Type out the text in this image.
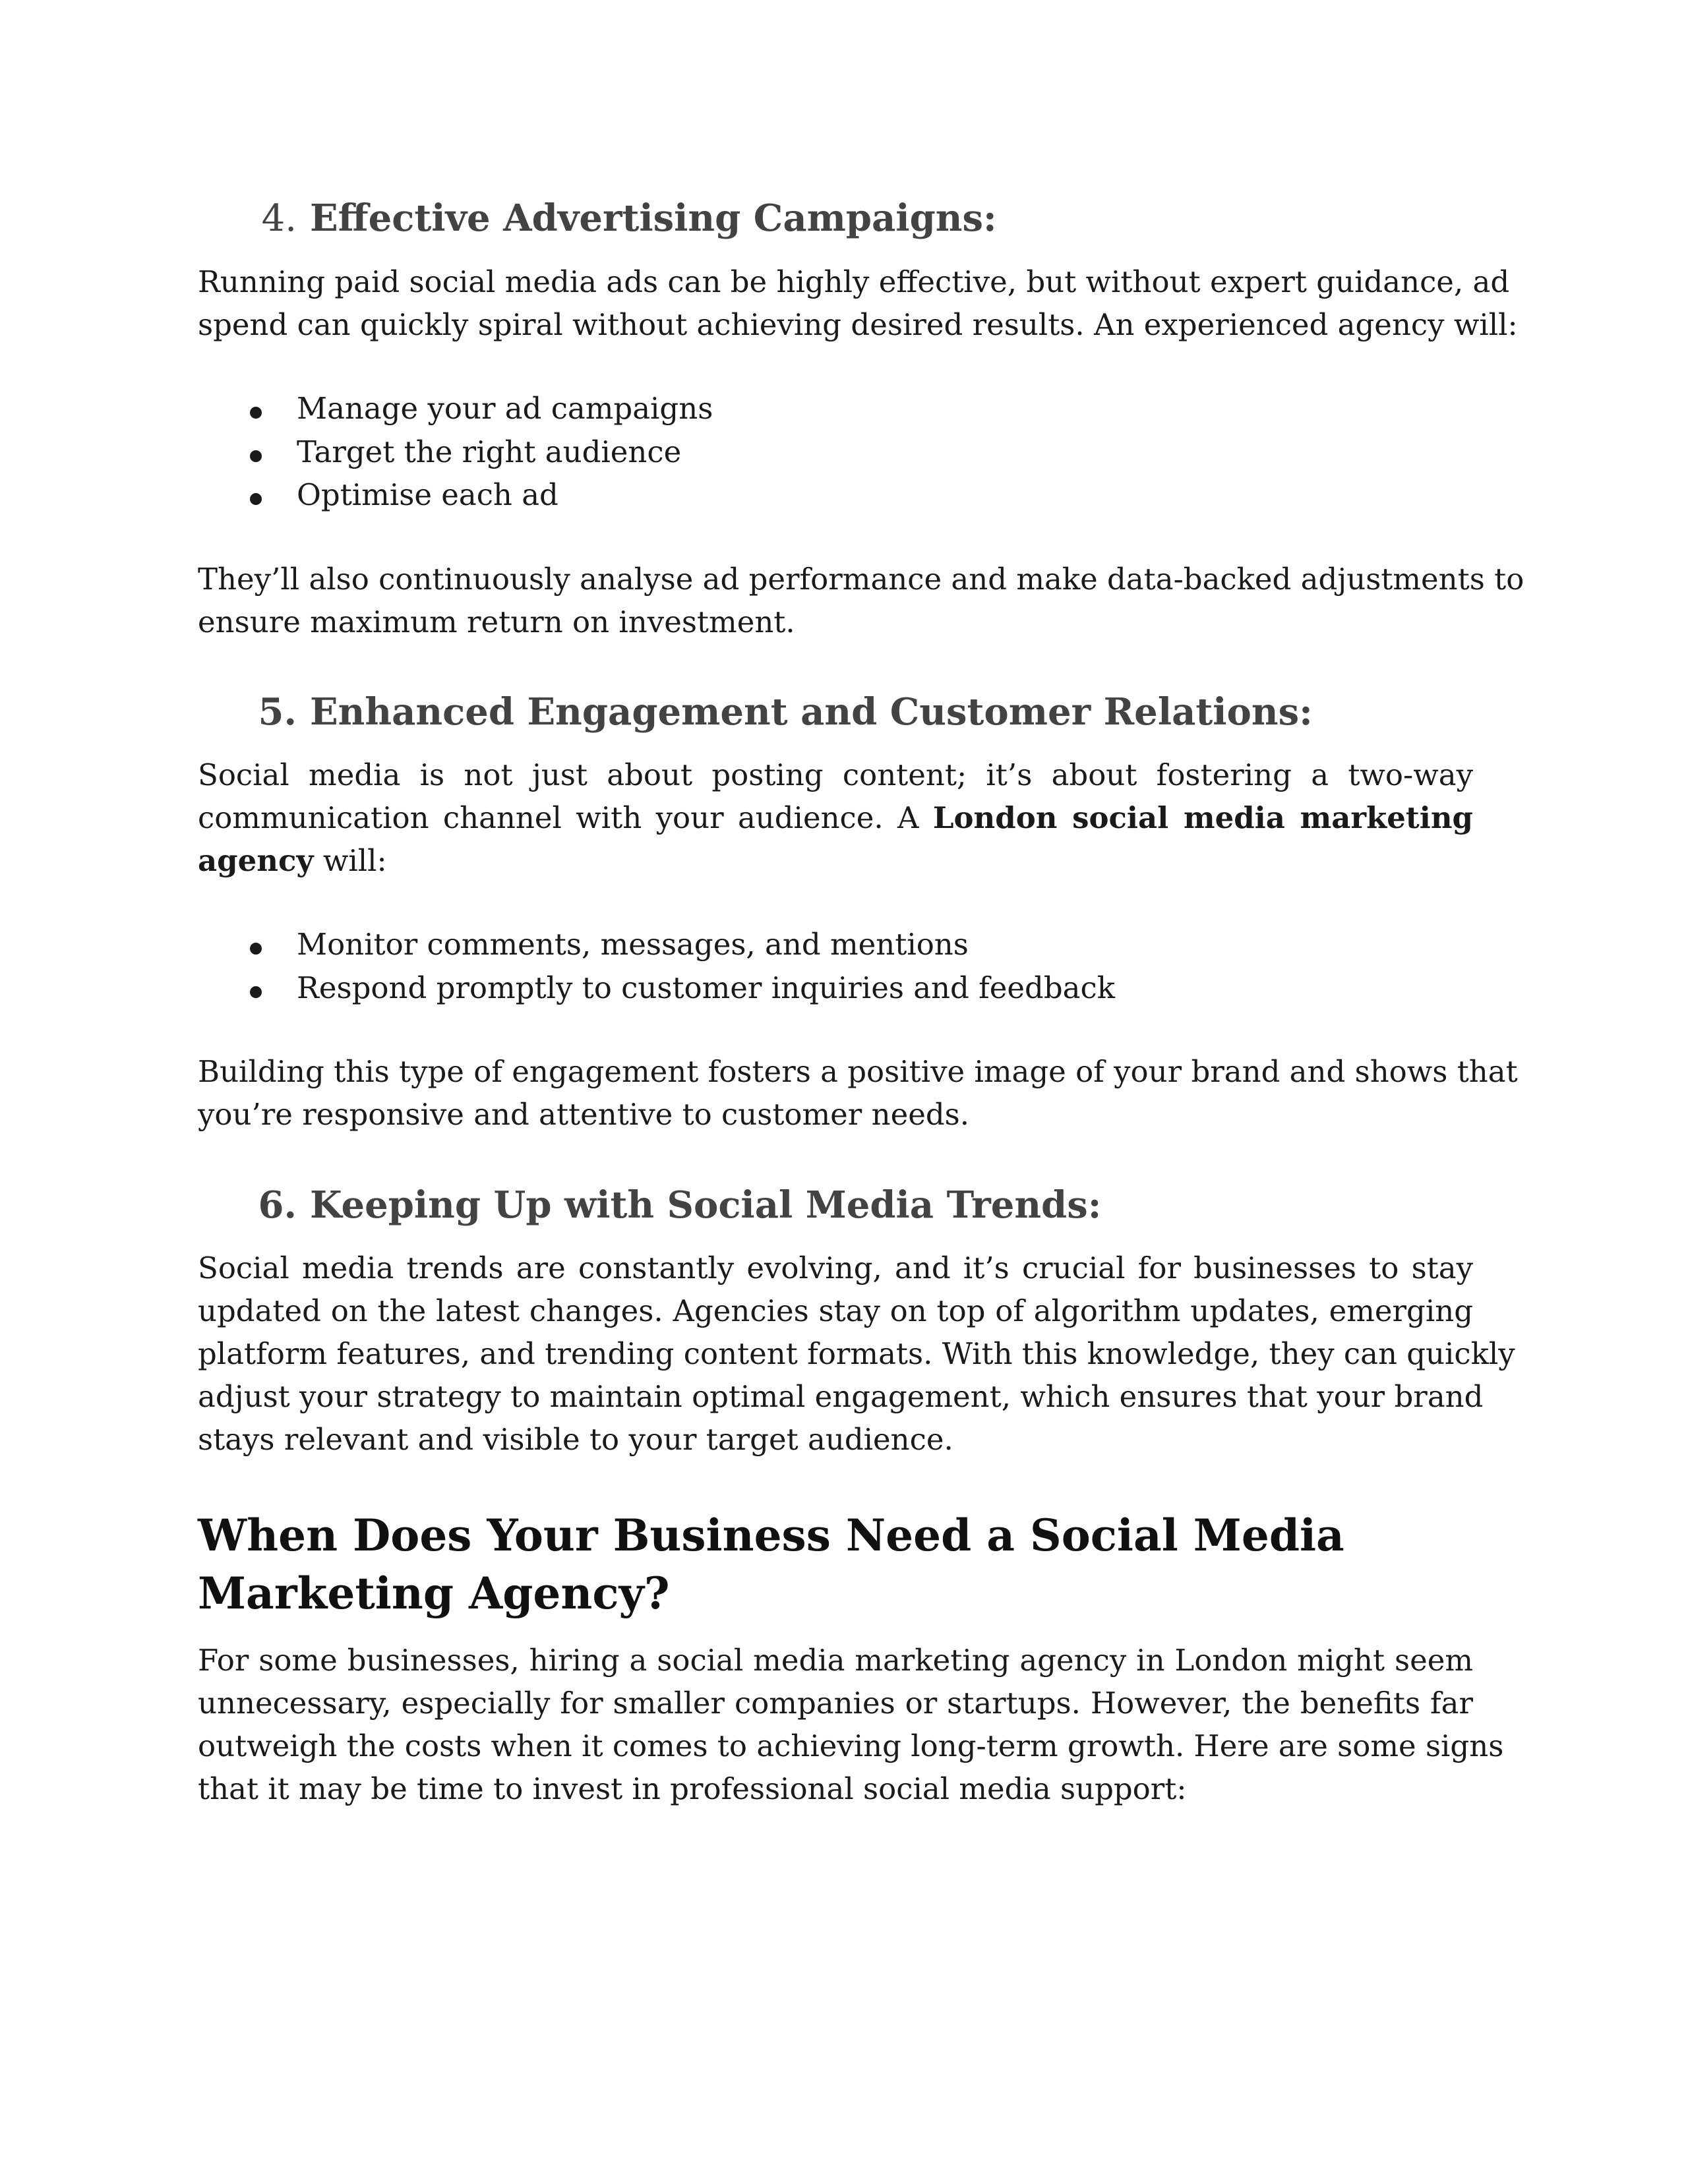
4. Effective Advertising Campaigns:
Running paid social media ads can be highly effective, but without expert guidance, ad
spend can quickly spiral without achieving desired results. An experienced agency will:
Manage your ad campaigns
Target the right audience
Optimise each ad
They’ll also continuously analyse ad performance and make data-backed adjustments to
ensure maximum return on investment.
5. Enhanced Engagement and Customer Relations:
Social media is not just about posting content; it’s about fostering a two-way
communication channel with your audience. A London social media marketing
agency will:
Monitor comments, messages, and mentions
Respond promptly to customer inquiries and feedback
Building this type of engagement fosters a positive image of your brand and shows that
you’re responsive and attentive to customer needs.
6. Keeping Up with Social Media Trends:
Social media trends are constantly evolving, and it’s crucial for businesses to stay
updated on the latest changes. Agencies stay on top of algorithm updates, emerging
platform features, and trending content formats. With this knowledge, they can quickly
adjust your strategy to maintain optimal engagement, which ensures that your brand
stays relevant and visible to your target audience.
When Does Your Business Need a Social Media
Marketing Agency?
For some businesses, hiring a social media marketing agency in London might seem
unnecessary, especially for smaller companies or startups. However, the benefits far
outweigh the costs when it comes to achieving long-term growth. Here are some signs
that it may be time to invest in professional social media support:
